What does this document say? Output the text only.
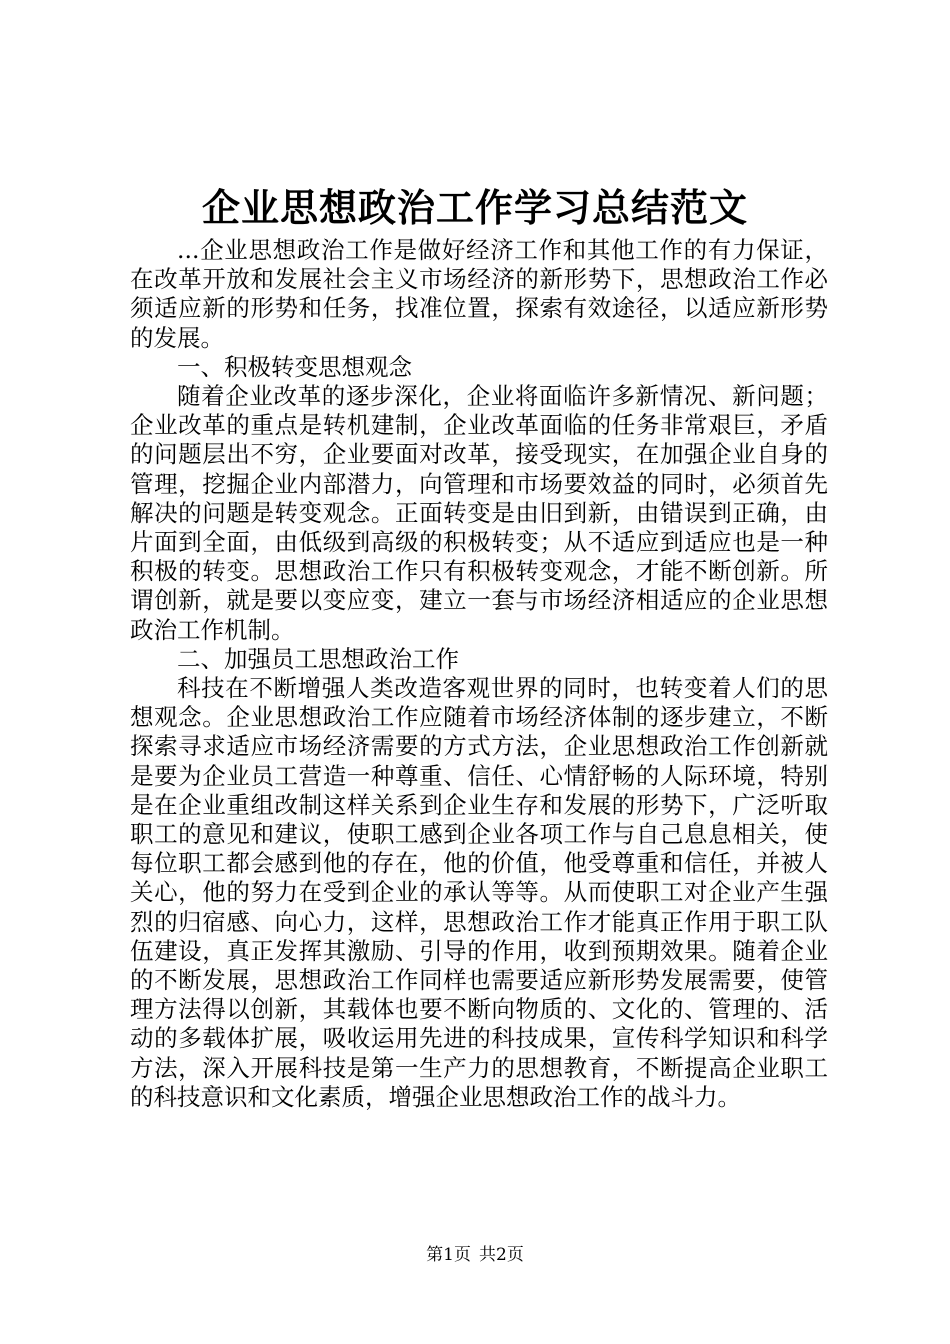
企业思想政治工作学习总结范文

...企业思想政治工作是做好经济工作和其他工作的有力保证，在改革开放和发展社会主义市场经济的新形势下，思想政治工作必须适应新的形势和任务，找准位置，探索有效途径，以适应新形势的发展。

一、积极转变思想观念

随着企业改革的逐步深化，企业将面临许多新情况、新问题；企业改革的重点是转机建制，企业改革面临的任务非常艰巨，矛盾的问题层出不穷，企业要面对改革，接受现实，在加强企业自身的管理，挖掘企业内部潜力，向管理和市场要效益的同时，必须首先解决的问题是转变观念。正面转变是由旧到新，由错误到正确，由片面到全面，由低级到高级的积极转变；从不适应到适应也是一种积极的转变。思想政治工作只有积极转变观念，才能不断创新。所谓创新，就是要以变应变，建立一套与市场经济相适应的企业思想政治工作机制。

二、加强员工思想政治工作

科技在不断增强人类改造客观世界的同时，也转变着人们的思想观念。企业思想政治工作应随着市场经济体制的逐步建立，不断探索寻求适应市场经济需要的方式方法，企业思想政治工作创新就是要为企业员工营造一种尊重、信任、心情舒畅的人际环境，特别是在企业重组改制这样关系到企业生存和发展的形势下，广泛听取职工的意见和建议，使职工感到企业各项工作与自己息息相关，使每位职工都会感到他的存在，他的价值，他受尊重和信任，并被人关心，他的努力在受到企业的承认等等。从而使职工对企业产生强烈的归宿感、向心力，这样，思想政治工作才能真正作用于职工队伍建设，真正发挥其激励、引导的作用，收到预期效果。随着企业的不断发展，思想政治工作同样也需要适应新形势发展需要，使管理方法得以创新，其载体也要不断向物质的、文化的、管理的、活动的多载体扩展，吸收运用先进的科技成果，宣传科学知识和科学方法，深入开展科技是第一生产力的思想教育，不断提高企业职工的科技意识和文化素质，增强企业思想政治工作的战斗力。

第1页 共2页
